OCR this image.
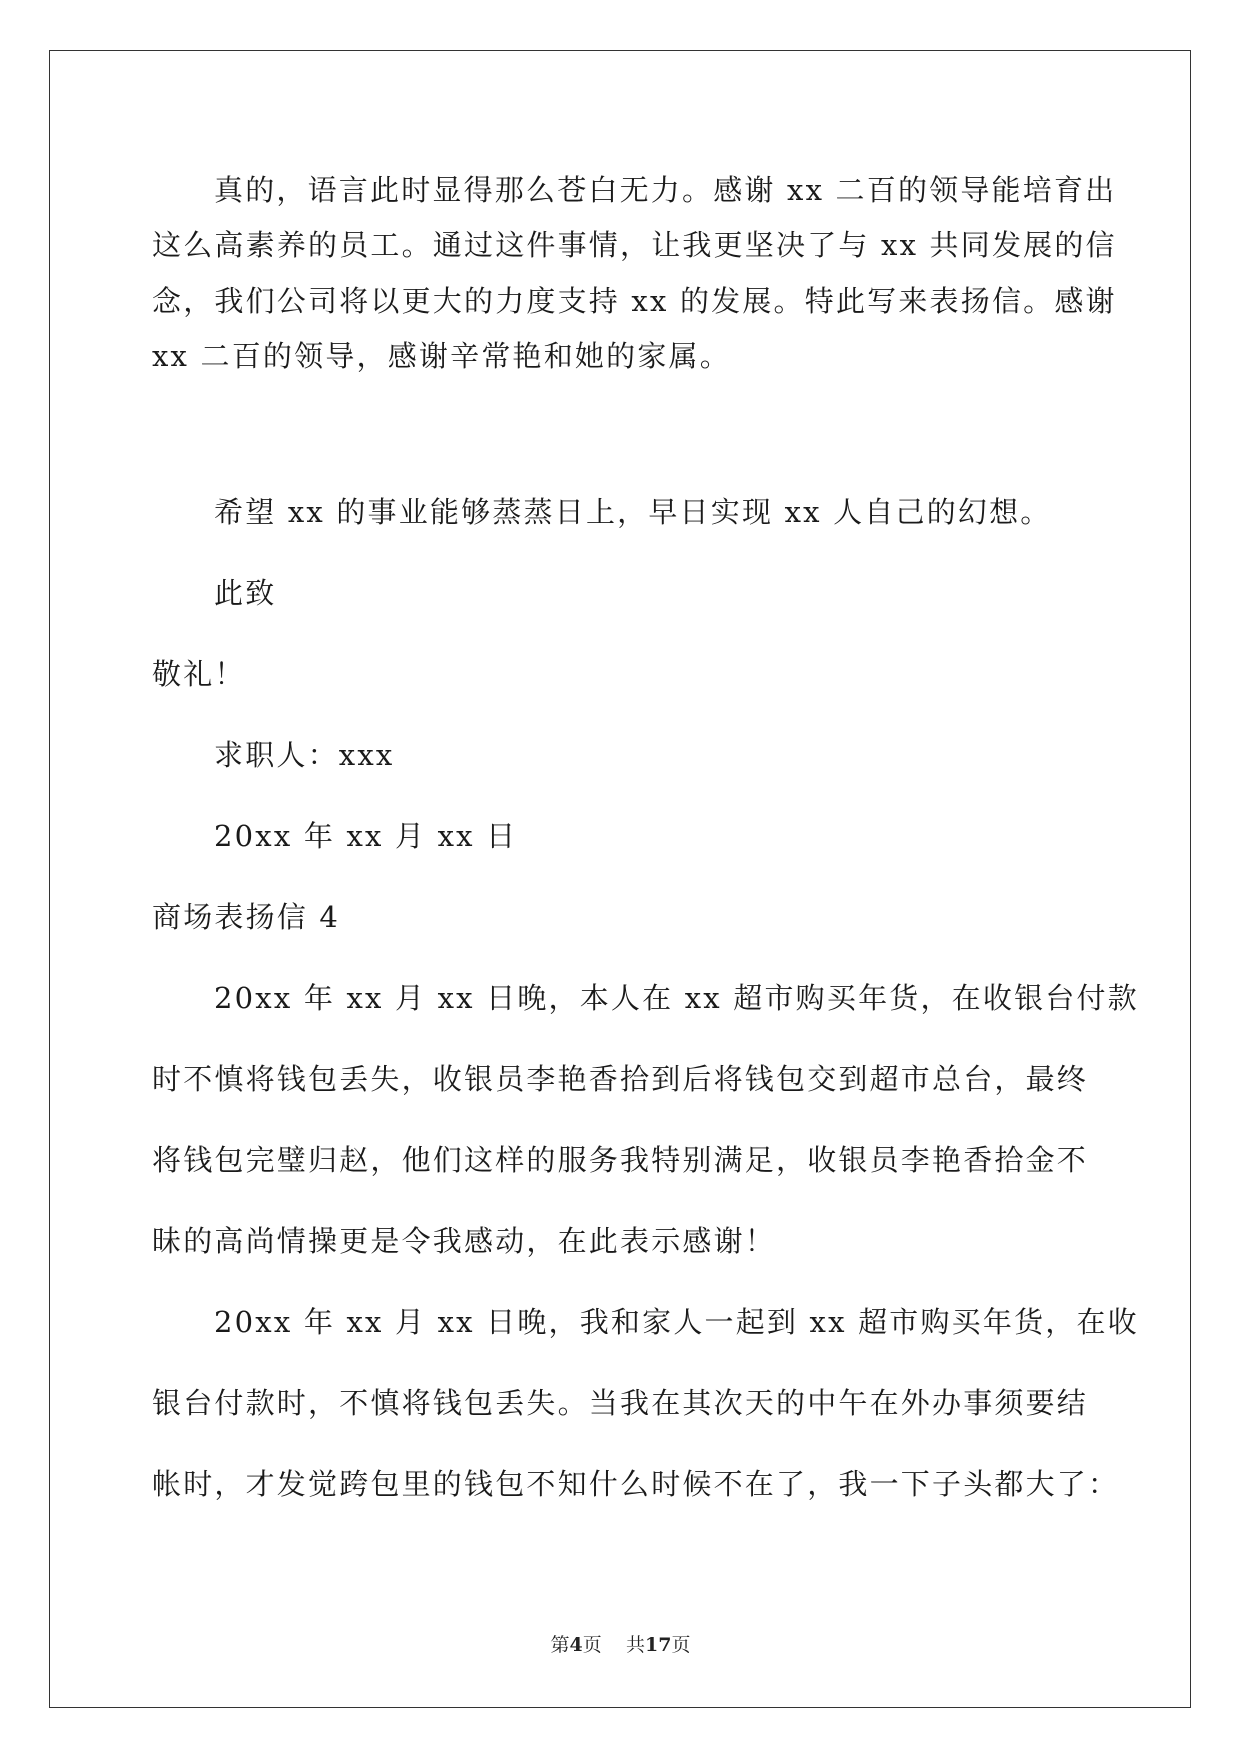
真的，语言此时显得那么苍白无力。感谢 xx 二百的领导能培育出
这么高素养的员工。通过这件事情，让我更坚决了与 xx 共同发展的信
念，我们公司将以更大的力度支持 xx 的发展。特此写来表扬信。感谢
xx 二百的领导，感谢辛常艳和她的家属。
希望 xx 的事业能够蒸蒸日上，早日实现 xx 人自己的幻想。
此致
敬礼！
求职人：xxx
20xx 年 xx 月 xx 日
商场表扬信 4
20xx 年 xx 月 xx 日晚，本人在 xx 超市购买年货，在收银台付款
时不慎将钱包丢失，收银员李艳香拾到后将钱包交到超市总台，最终
将钱包完璧归赵，他们这样的服务我特别满足，收银员李艳香拾金不
昧的高尚情操更是令我感动，在此表示感谢！
20xx 年 xx 月 xx 日晚，我和家人一起到 xx 超市购买年货，在收
银台付款时，不慎将钱包丢失。当我在其次天的中午在外办事须要结
帐时，才发觉跨包里的钱包不知什么时候不在了，我一下子头都大了：
第4页 共17页
